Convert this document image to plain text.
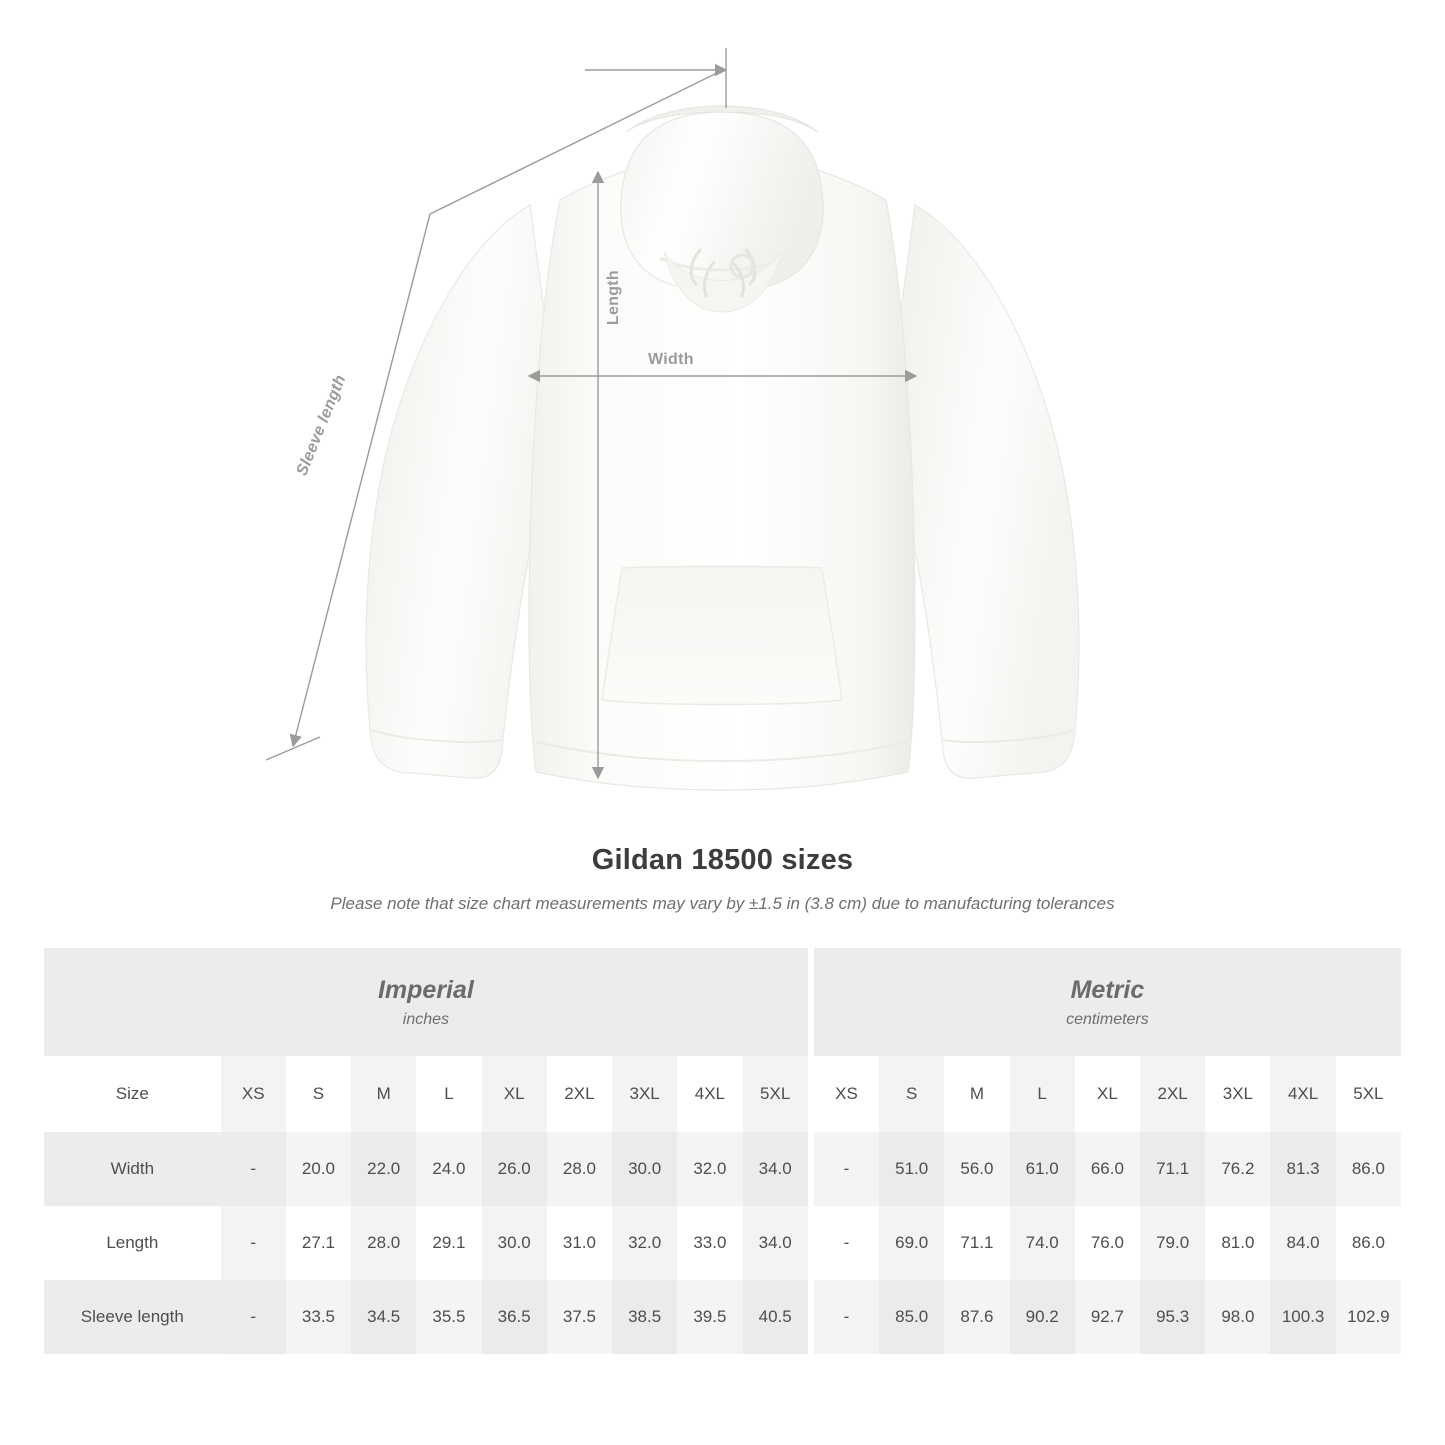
Length
Width
Sleeve length
Gildan 18500 sizes
Please note that size chart measurements may vary by ±1.5 in (3.8 cm) due to manufacturing tolerances
Imperial
inches

Metric
centimeters

Size	XS	S	M	L	XL	2XL	3XL	4XL	5XL		XS	S	M	L	XL	2XL	3XL	4XL	5XL
Width	-	20.0	22.0	24.0	26.0	28.0	30.0	32.0	34.0		-	51.0	56.0	61.0	66.0	71.1	76.2	81.3	86.0
Length	-	27.1	28.0	29.1	30.0	31.0	32.0	33.0	34.0		-	69.0	71.1	74.0	76.0	79.0	81.0	84.0	86.0
Sleeve length	-	33.5	34.5	35.5	36.5	37.5	38.5	39.5	40.5		-	85.0	87.6	90.2	92.7	95.3	98.0	100.3	102.9
